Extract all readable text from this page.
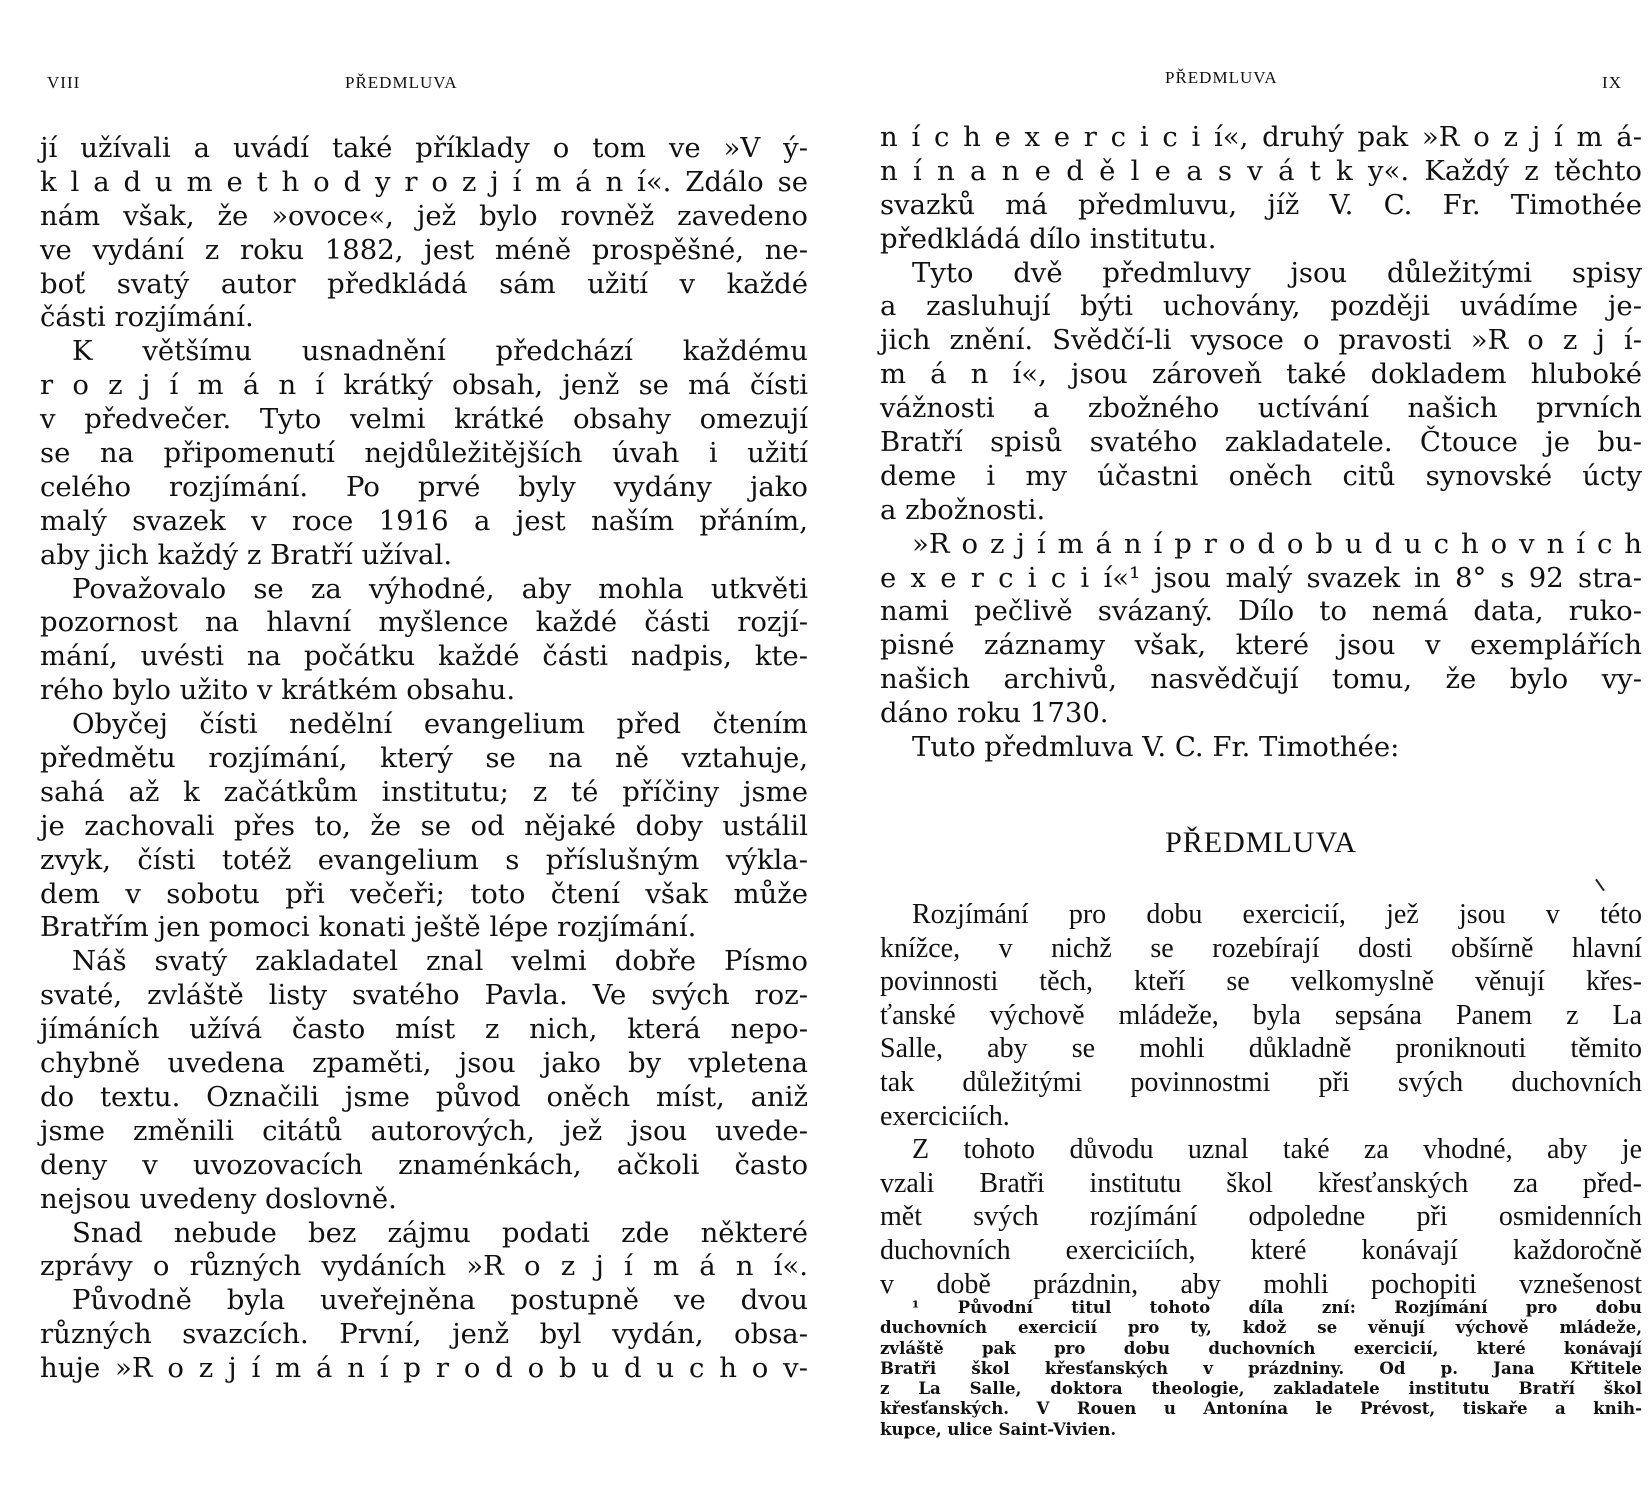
VIII	PŘEDMLUVA
jí užívali a uvádí také příklady o tom ve »V ý-
k l a d u m e t h o d y r o z j í m á n í«. Zdálo se
nám však, že »ovoce«, jež bylo rovněž zavedeno
ve vydání z roku 1882, jest méně prospěšné, ne-
boť svatý autor předkládá sám užití v každé
části rozjímání.
K většímu usnadnění předchází každému
r o z j í m á n í krátký obsah, jenž se má čísti
v předvečer. Tyto velmi krátké obsahy omezují
se na připomenutí nejdůležitějších úvah i užití
celého rozjímání. Po prvé byly vydány jako
malý svazek v roce 1916 a jest naším přáním,
aby jich každý z Bratří užíval.
Považovalo se za výhodné, aby mohla utkvěti
pozornost na hlavní myšlence každé části rozjí-
mání, uvésti na počátku každé části nadpis, kte-
rého bylo užito v krátkém obsahu.
Obyčej čísti nedělní evangelium před čtením
předmětu rozjímání, který se na ně vztahuje,
sahá až k začátkům institutu; z té příčiny jsme
je zachovali přes to, že se od nějaké doby ustálil
zvyk, čísti totéž evangelium s příslušným výkla-
dem v sobotu při večeři; toto čtení však může
Bratřím jen pomoci konati ještě lépe rozjímání.
Náš svatý zakladatel znal velmi dobře Písmo
svaté, zvláště listy svatého Pavla. Ve svých roz-
jímáních užívá často míst z nich, která nepo-
chybně uvedena zpaměti, jsou jako by vpletena
do textu. Označili jsme původ oněch míst, aniž
jsme změnili citátů autorových, jež jsou uvede-
deny v uvozovacích znaménkách, ačkoli často
nejsou uvedeny doslovně.
Snad nebude bez zájmu podati zde některé
zprávy o různých vydáních »R o z j í m á n í«.
Původně byla uveřejněna postupně ve dvou
různých svazcích. První, jenž byl vydán, obsa-
huje »R o z j í m á n í p r o d o b u d u c h o v-
PŘEDMLUVA	IX
n í c h e x e r c i c i í«, druhý pak »R o z j í m á-
n í n a n e d ě l e a s v á t k y«. Každý z těchto
svazků má předmluvu, jíž V. C. Fr. Timothée
předkládá dílo institutu.
Tyto dvě předmluvy jsou důležitými spisy
a zasluhují býti uchovány, později uvádíme je-
jich znění. Svědčí-li vysoce o pravosti »R o z j í-
m á n í«, jsou zároveň také dokladem hluboké
vážnosti a zbožného uctívání našich prvních
Bratří spisů svatého zakladatele. Čtouce je bu-
deme i my účastni oněch citů synovské úcty
a zbožnosti.
»R o z j í m á n í p r o d o b u d u c h o v n í c h
e x e r c i c i í«¹ jsou malý svazek in 8° s 92 stra-
nami pečlivě svázaný. Dílo to nemá data, ruko-
pisné záznamy však, které jsou v exemplářích
našich archivů, nasvědčují tomu, že bylo vy-
dáno roku 1730.
Tuto předmluva V. C. Fr. Timothée:
PŘEDMLUVA
Rozjímání pro dobu exercicií, jež jsou v této
knížce, v nichž se rozebírají dosti obšírně hlavní
povinnosti těch, kteří se velkomyslně věnují křes-
ťanské výchově mládeže, byla sepsána Panem z La
Salle, aby se mohli důkladně proniknouti těmito
tak důležitými povinnostmi při svých duchovních
exerciciích.
Z tohoto důvodu uznal také za vhodné, aby je
vzali Bratři institutu škol křesťanských za před-
mět svých rozjímání odpoledne při osmidenních
duchovních exerciciích, které konávají každoročně
v době prázdnin, aby mohli pochopiti vznešenost
¹ Původní titul tohoto díla zní: Rozjímání pro dobu
duchovních exercicií pro ty, kdož se věnují výchově mládeže,
zvláště pak pro dobu duchovních exercicií, které konávají
Bratři škol křesťanských v prázdniny. Od p. Jana Křtitele
z La Salle, doktora theologie, zakladatele institutu Bratří škol
křesťanských. V Rouen u Antonína le Prévost, tiskaře a knih-
kupce, ulice Saint-Vivien.
